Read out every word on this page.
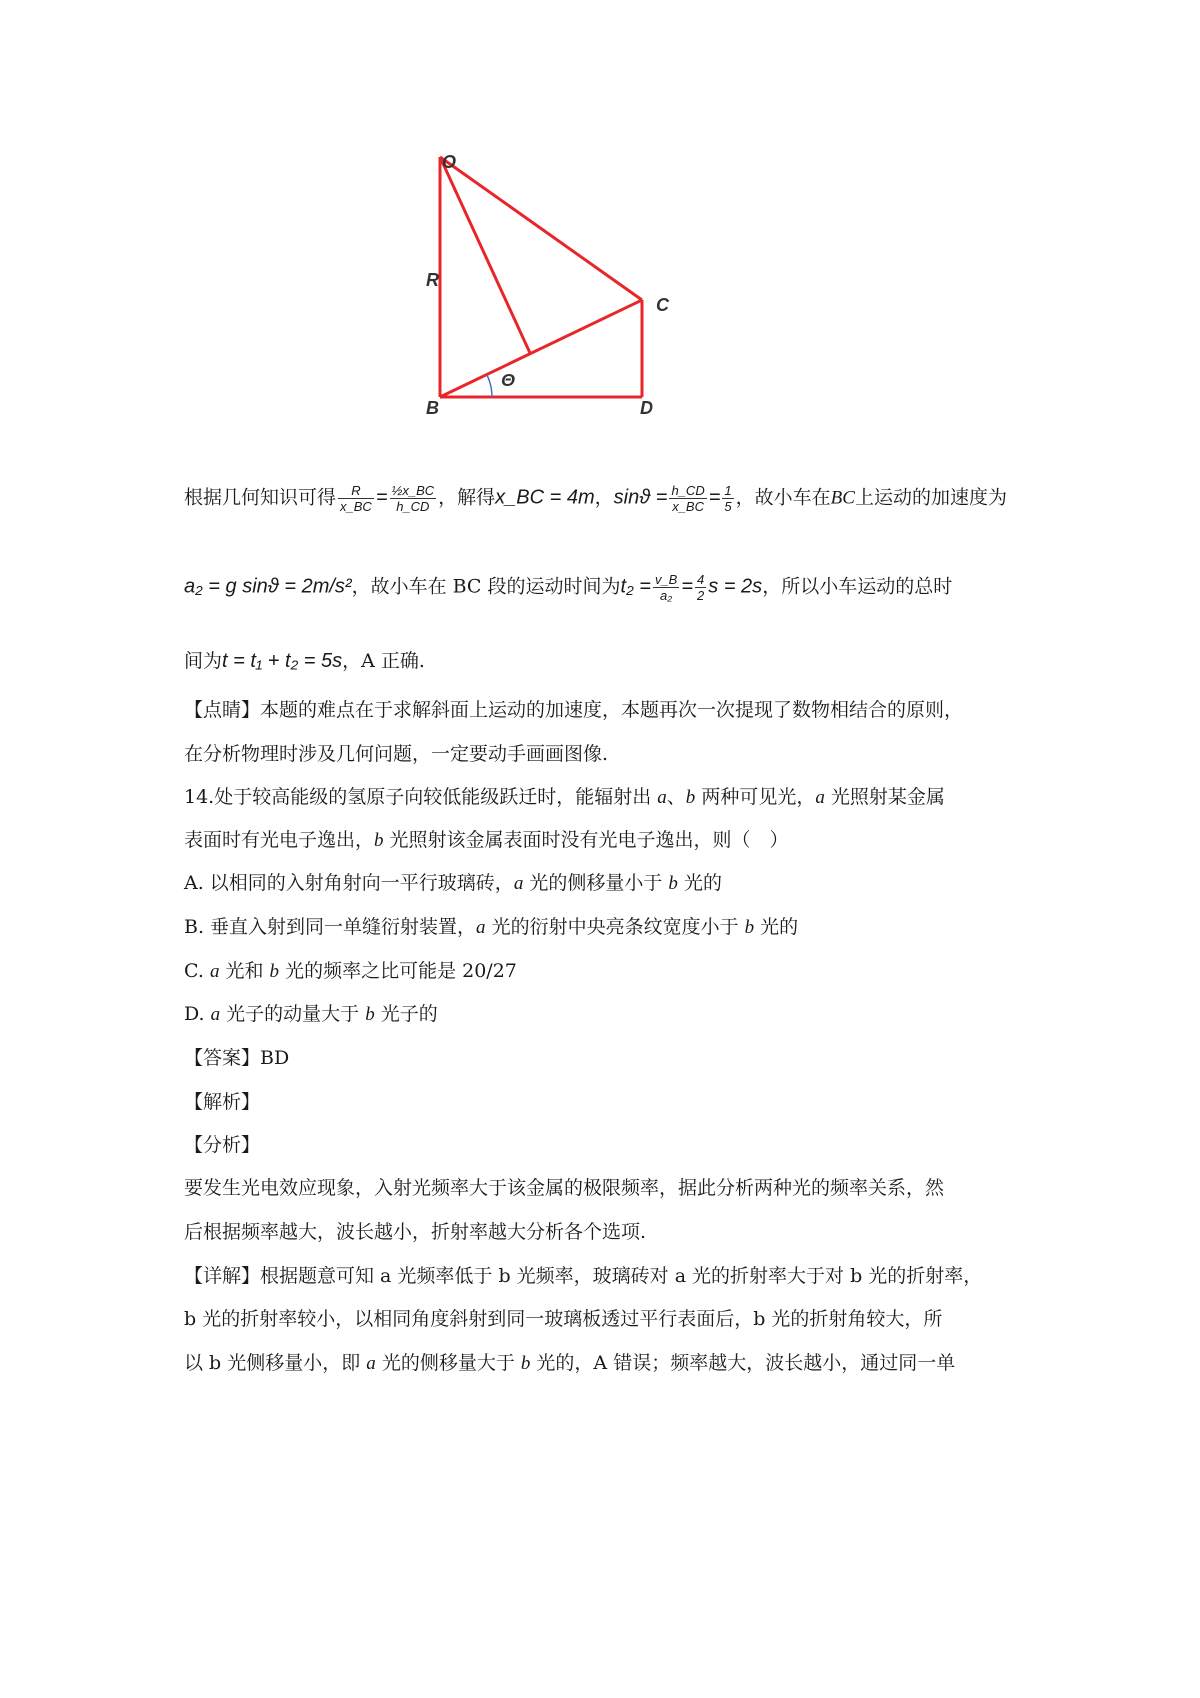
O
R
C
B	D
Θ
根据几何知识可得 $\frac{R}{x\_BC} = \frac{\text{½x\_BC}}{h\_CD}$ ，解得x_BC = 4m，$\sin ϑ = \frac{h\_CD}{x\_BC} = \frac{1}{5}$ ，故小车在BC上运动的加速度为
a₂ = g sinϑ = 2m/s²，故小车在 BC 段的运动时间为$t_2 = \frac{v\_B}{\text{a₂}} = \frac{4}{2}$ s = 2s，所以小车运动的总时
间为t = t₁ + t₂ = 5s，A 正确.
【点睛】本题的难点在于求解斜面上运动的加速度，本题再次一次提现了数物相结合的原则，
在分析物理时涉及几何问题，一定要动手画画图像.
14.处于较高能级的氢原子向较低能级跃迁时，能辐射出 a、b 两种可见光，a 光照射某金属
表面时有光电子逸出，b 光照射该金属表面时没有光电子逸出，则（　）
A. 以相同的入射角射向一平行玻璃砖，a 光的侧移量小于 b 光的
B. 垂直入射到同一单缝衍射装置，a 光的衍射中央亮条纹宽度小于 b 光的
C. a 光和 b 光的频率之比可能是 20/27
D. a 光子的动量大于 b 光子的
【答案】BD
【解析】
【分析】
要发生光电效应现象，入射光频率大于该金属的极限频率，据此分析两种光的频率关系，然
后根据频率越大，波长越小，折射率越大分析各个选项.
【详解】根据题意可知 a 光频率低于 b 光频率，玻璃砖对 a 光的折射率大于对 b 光的折射率，
b 光的折射率较小，以相同角度斜射到同一玻璃板透过平行表面后，b 光的折射角较大，所
以 b 光侧移量小，即 a 光的侧移量大于 b 光的，A 错误；频率越大，波长越小，通过同一单
